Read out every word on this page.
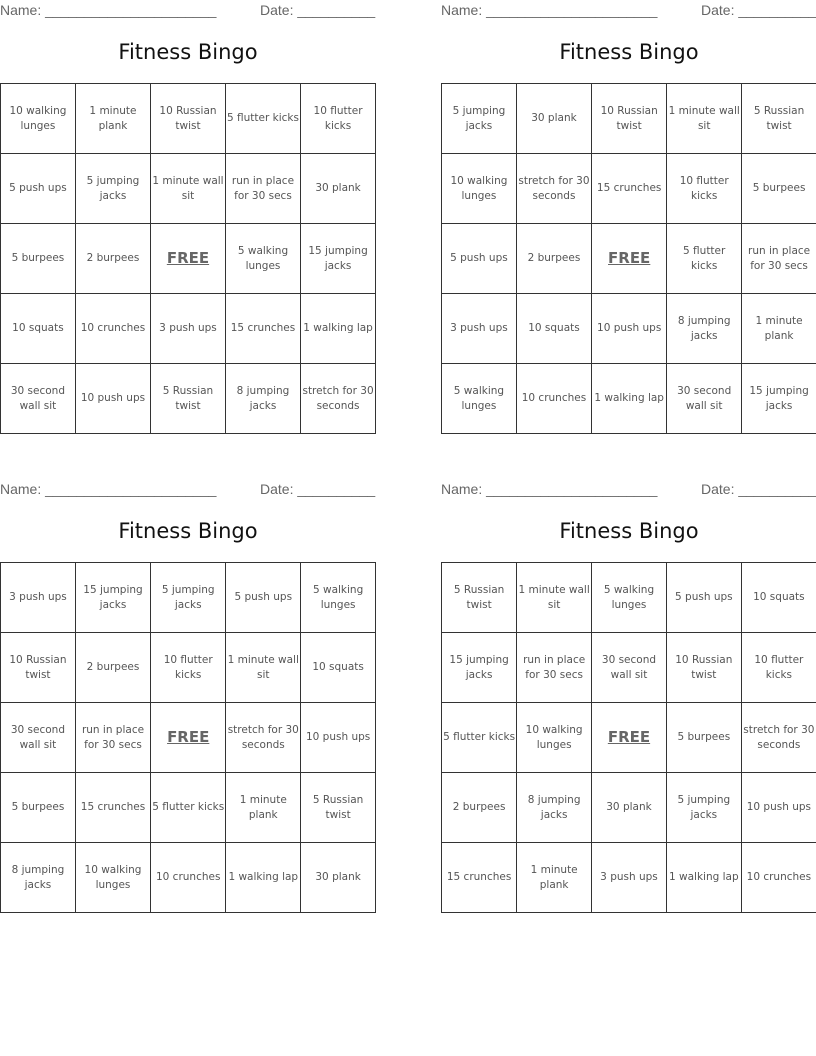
Name: ______________________	Date: __________
Fitness Bingo
10 walking lunges	1 minute plank	10 Russian twist	5 flutter kicks	10 flutter kicks
5 push ups	5 jumping jacks	1 minute wall sit	run in place for 30 secs	30 plank
5 burpees	2 burpees	FREE	5 walking lunges	15 jumping jacks
10 squats	10 crunches	3 push ups	15 crunches	1 walking lap
30 second wall sit	10 push ups	5 Russian twist	8 jumping jacks	stretch for 30 seconds
Name: ______________________	Date: __________
Fitness Bingo
5 jumping jacks	30 plank	10 Russian twist	1 minute wall sit	5 Russian twist
10 walking lunges	stretch for 30 seconds	15 crunches	10 flutter kicks	5 burpees
5 push ups	2 burpees	FREE	5 flutter kicks	run in place for 30 secs
3 push ups	10 squats	10 push ups	8 jumping jacks	1 minute plank
5 walking lunges	10 crunches	1 walking lap	30 second wall sit	15 jumping jacks
Name: ______________________	Date: __________
Fitness Bingo
3 push ups	15 jumping jacks	5 jumping jacks	5 push ups	5 walking lunges
10 Russian twist	2 burpees	10 flutter kicks	1 minute wall sit	10 squats
30 second wall sit	run in place for 30 secs	FREE	stretch for 30 seconds	10 push ups
5 burpees	15 crunches	5 flutter kicks	1 minute plank	5 Russian twist
8 jumping jacks	10 walking lunges	10 crunches	1 walking lap	30 plank
Name: ______________________	Date: __________
Fitness Bingo
5 Russian twist	1 minute wall sit	5 walking lunges	5 push ups	10 squats
15 jumping jacks	run in place for 30 secs	30 second wall sit	10 Russian twist	10 flutter kicks
5 flutter kicks	10 walking lunges	FREE	5 burpees	stretch for 30 seconds
2 burpees	8 jumping jacks	30 plank	5 jumping jacks	10 push ups
15 crunches	1 minute plank	3 push ups	1 walking lap	10 crunches
